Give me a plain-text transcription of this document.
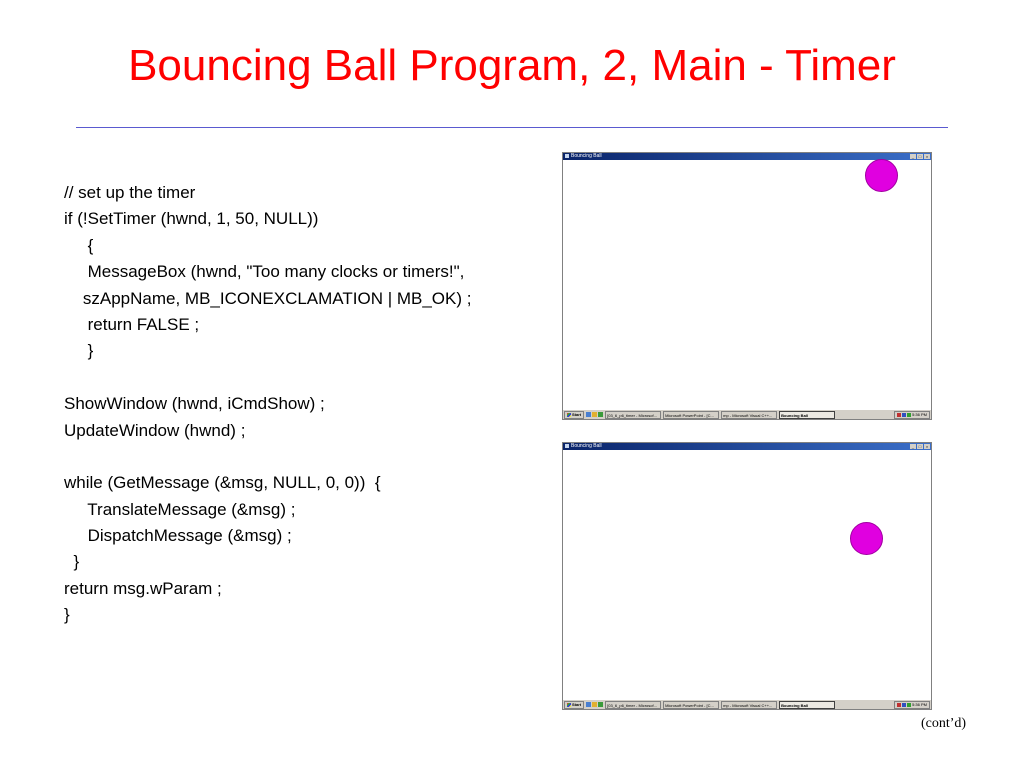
Bouncing Ball Program, 2, Main - Timer
// set up the timer
if (!SetTimer (hwnd, 1, 50, NULL))
{
MessageBox (hwnd, "Too many clocks or timers!",
szAppName, MB_ICONEXCLAMATION | MB_OK) ;
return FALSE ;
}
ShowWindow (hwnd, iCmdShow) ;
UpdateWindow (hwnd) ;
while (GetMessage (&msg, NULL, 0, 0))  {
TranslateMessage (&msg) ;
DispatchMessage (&msg) ;
}
return msg.wParam ;
}
Bouncing Ball	_	□	×
Start	[03_6_p6_timer - Microsof...	Microsoft PowerPoint - [C...	mp - Microsoft Visual C++...	Bouncing Ball	5:36 PM
Bouncing Ball	_	□	×
Start	[03_6_p6_timer - Microsof...	Microsoft PowerPoint - [C...	mp - Microsoft Visual C++...	Bouncing Ball	5:36 PM
(cont’d)
